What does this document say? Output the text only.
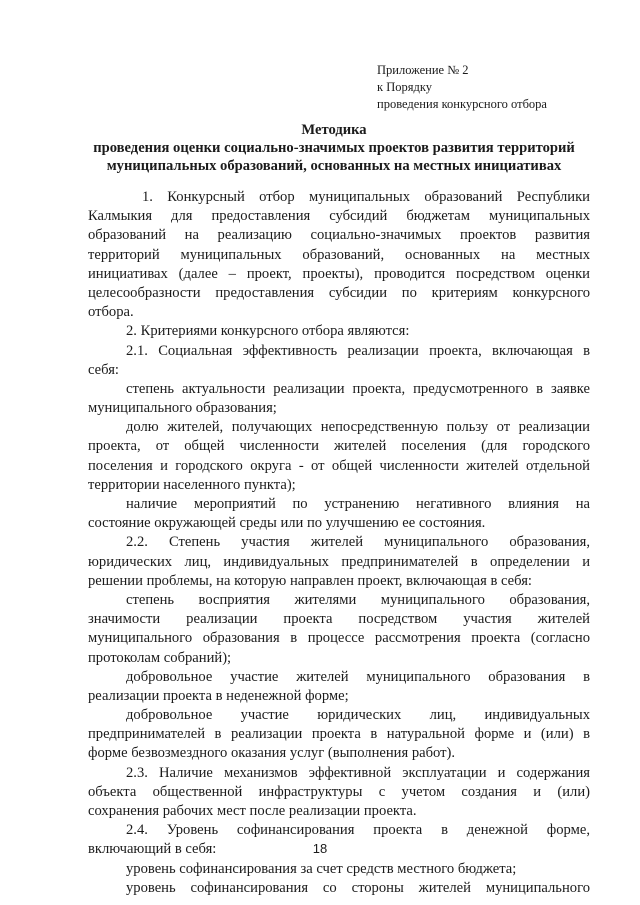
Приложение № 2
к Порядку
проведения конкурсного отбора
Методика
проведения оценки социально-значимых проектов развития территорий
муниципальных образований, основанных на местных инициативах
1. Конкурсный отбор муниципальных образований Республики
Калмыкия для предоставления субсидий бюджетам муниципальных
образований на реализацию социально-значимых проектов развития
территорий муниципальных образований, основанных на местных
инициативах (далее – проект, проекты), проводится посредством оценки
целесообразности предоставления субсидии по критериям конкурсного
отбора.
2. Критериями конкурсного отбора являются:
2.1. Социальная эффективность реализации проекта, включающая в
себя:
степень актуальности реализации проекта, предусмотренного в заявке
муниципального образования;
долю жителей, получающих непосредственную пользу от реализации
проекта, от общей численности жителей поселения (для городского
поселения и городского округа - от общей численности жителей отдельной
территории населенного пункта);
наличие мероприятий по устранению негативного влияния на
состояние окружающей среды или по улучшению ее состояния.
2.2. Степень участия жителей муниципального образования,
юридических лиц, индивидуальных предпринимателей в определении и
решении проблемы, на которую направлен проект, включающая в себя:
степень восприятия жителями муниципального образования,
значимости реализации проекта посредством участия жителей
муниципального образования в процессе рассмотрения проекта (согласно
протоколам собраний);
добровольное участие жителей муниципального образования в
реализации проекта в неденежной форме;
добровольное участие юридических лиц, индивидуальных
предпринимателей в реализации проекта в натуральной форме и (или) в
форме безвозмездного оказания услуг (выполнения работ).
2.3. Наличие механизмов эффективной эксплуатации и содержания
объекта общественной инфраструктуры с учетом создания и (или)
сохранения рабочих мест после реализации проекта.
2.4. Уровень софинансирования проекта в денежной форме,
включающий в себя:
уровень софинансирования за счет средств местного бюджета;
уровень софинансирования со стороны жителей муниципального
18
